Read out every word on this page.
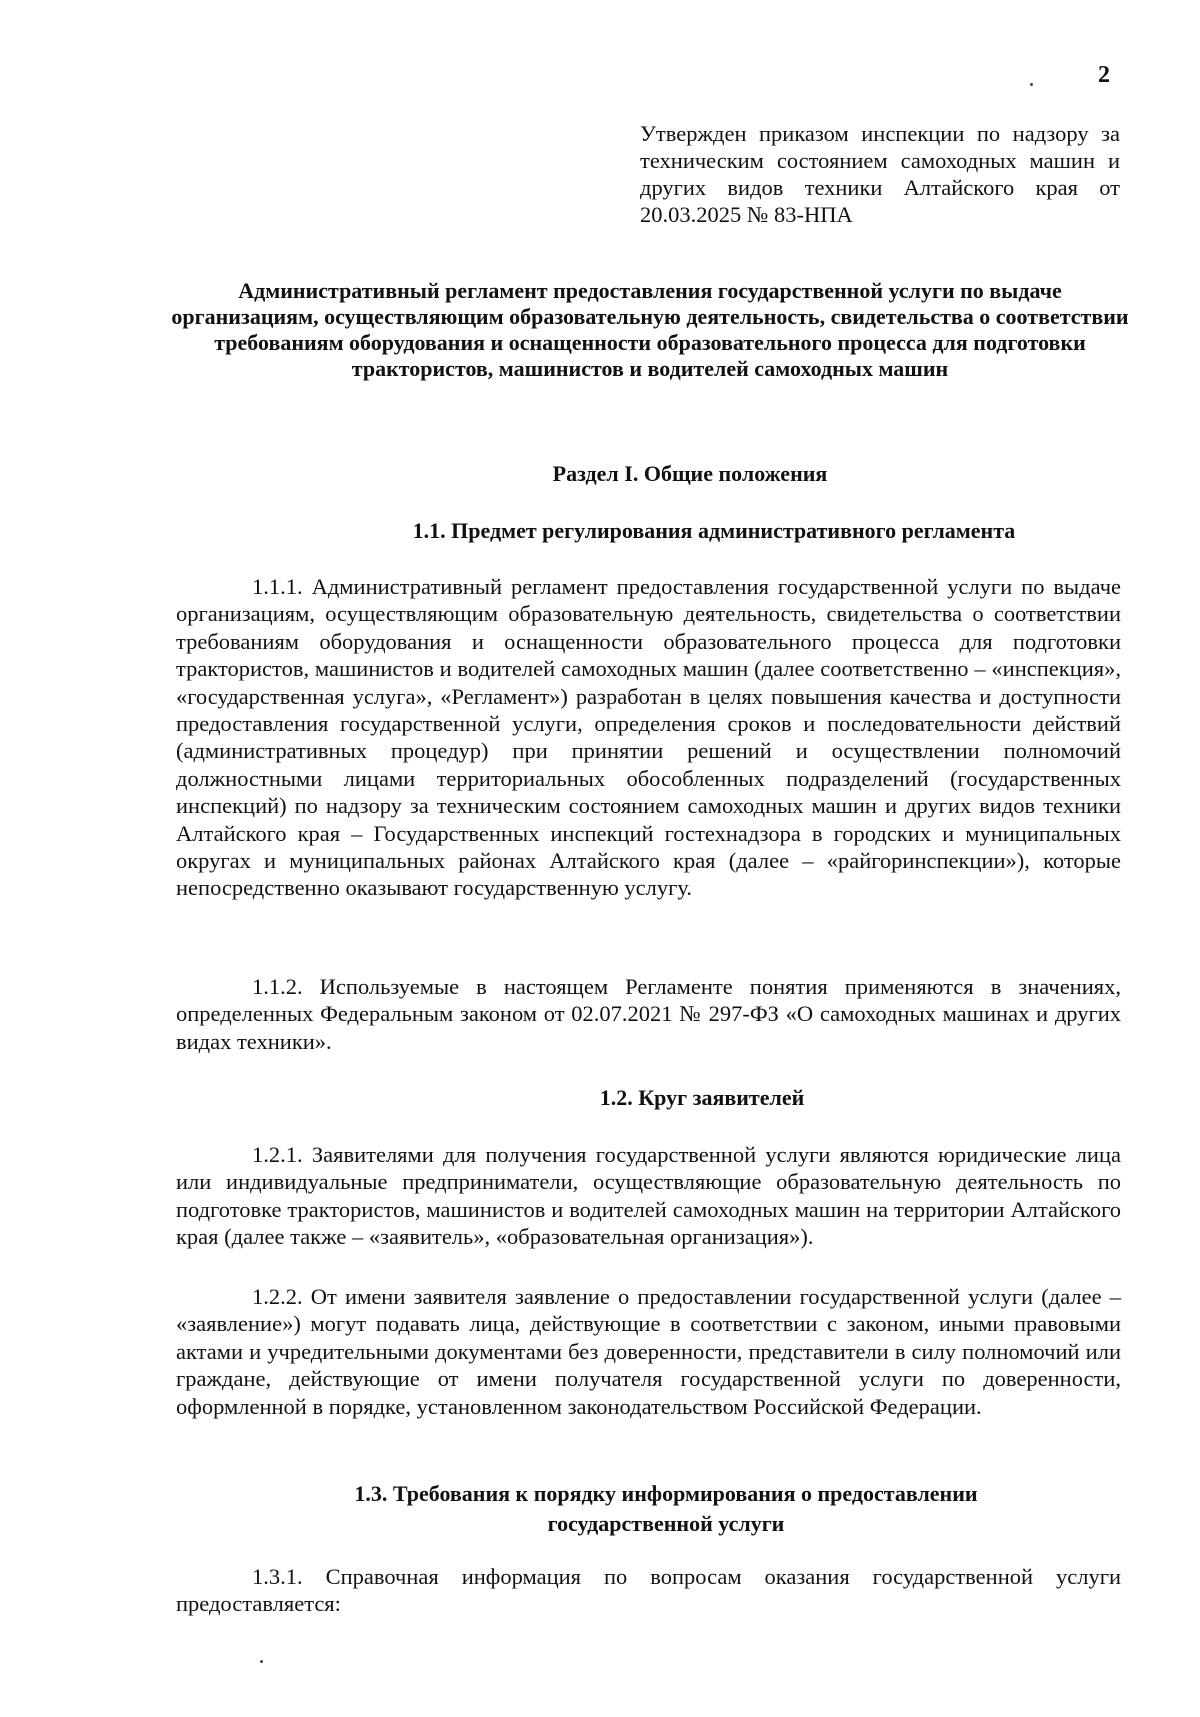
2
Утвержден приказом инспекции по надзору за техническим состоянием самоходных машин и других видов техники Алтайского края от 20.03.2025 № 83-НПА
Административный регламент предоставления государственной услуги по выдаче организациям, осуществляющим образовательную деятельность, свидетельства о соответствии требованиям оборудования и оснащенности образовательного процесса для подготовки трактористов, машинистов и водителей самоходных машин
Раздел I. Общие положения
1.1. Предмет регулирования административного регламента

1.1.1. Административный регламент предоставления государственной услуги по выдаче организациям, осуществляющим образовательную деятельность, свидетельства о соответствии требованиям оборудования и оснащенности образовательного процесса для подготовки трактористов, машинистов и водителей самоходных машин (далее соответственно – «инспекция», «государственная услуга», «Регламент») разработан в целях повышения качества и доступности предоставления государственной услуги, определения сроков и последовательности действий (административных процедур) при принятии решений и осуществлении полномочий должностными лицами территориальных обособленных подразделений (государственных инспекций) по надзору за техническим состоянием самоходных машин и других видов техники Алтайского края – Государственных инспекций гостехнадзора в городских и муниципальных округах и муниципальных районах Алтайского края (далее – «райгоринспекции»), которые непосредственно оказывают государственную услугу.

1.1.2. Используемые в настоящем Регламенте понятия применяются в значениях, определенных Федеральным законом от 02.07.2021 № 297-ФЗ «О самоходных машинах и других видах техники».

1.2. Круг заявителей

1.2.1. Заявителями для получения государственной услуги являются юридические лица или индивидуальные предприниматели, осуществляющие образовательную деятельность по подготовке трактористов, машинистов и водителей самоходных машин на территории Алтайского края (далее также – «заявитель», «образовательная организация»).

1.2.2. От имени заявителя заявление о предоставлении государственной услуги (далее – «заявление») могут подавать лица, действующие в соответствии с законом, иными правовыми актами и учредительными документами без доверенности, представители в силу полномочий или граждане, действующие от имени получателя государственной услуги по доверенности, оформленной в порядке, установленном законодательством Российской Федерации.

1.3. Требования к порядку информирования о предоставлении государственной услуги

1.3.1. Справочная информация по вопросам оказания государственной услуги предоставляется:
